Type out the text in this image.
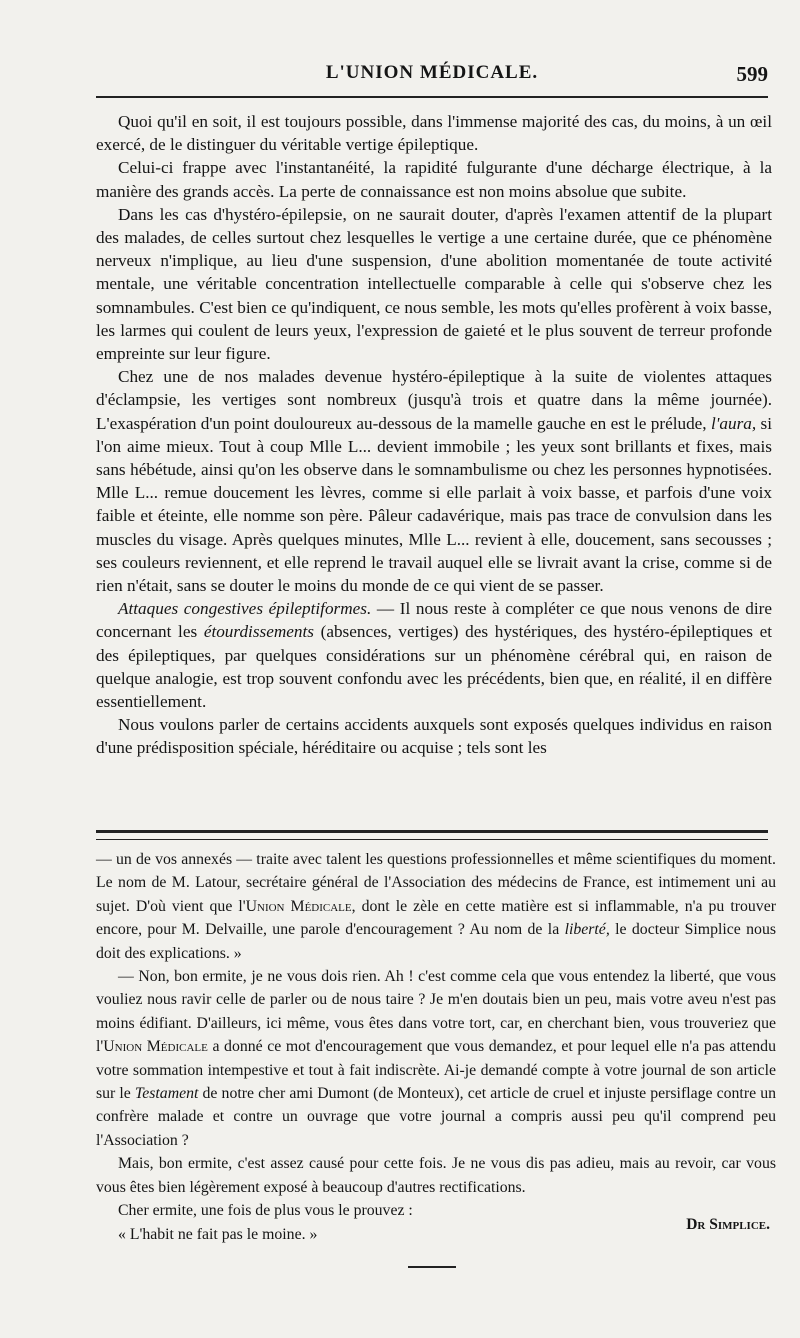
L'UNION MÉDICALE.	599

Quoi qu'il en soit, il est toujours possible, dans l'immense majorité des cas, du moins, à un œil exercé, de le distinguer du véritable vertige épileptique.

Celui-ci frappe avec l'instantanéité, la rapidité fulgurante d'une décharge électrique, à la manière des grands accès. La perte de connaissance est non moins absolue que subite.

Dans les cas d'hystéro-épilepsie, on ne saurait douter, d'après l'examen attentif de la plupart des malades, de celles surtout chez lesquelles le vertige a une certaine durée, que ce phénomène nerveux n'implique, au lieu d'une suspension, d'une abolition momentanée de toute activité mentale, une véritable concentration intellectuelle comparable à celle qui s'observe chez les somnambules. C'est bien ce qu'indiquent, ce nous semble, les mots qu'elles profèrent à voix basse, les larmes qui coulent de leurs yeux, l'expression de gaieté et le plus souvent de terreur profonde empreinte sur leur figure.

Chez une de nos malades devenue hystéro-épileptique à la suite de violentes attaques d'éclampsie, les vertiges sont nombreux (jusqu'à trois et quatre dans la même journée). L'exaspération d'un point douloureux au-dessous de la mamelle gauche en est le prélude, l'aura, si l'on aime mieux. Tout à coup Mlle L... devient immobile ; les yeux sont brillants et fixes, mais sans hébétude, ainsi qu'on les observe dans le somnambulisme ou chez les personnes hypnotisées. Mlle L... remue doucement les lèvres, comme si elle parlait à voix basse, et parfois d'une voix faible et éteinte, elle nomme son père. Pâleur cadavérique, mais pas trace de convulsion dans les muscles du visage. Après quelques minutes, Mlle L... revient à elle, doucement, sans secousses ; ses couleurs reviennent, et elle reprend le travail auquel elle se livrait avant la crise, comme si de rien n'était, sans se douter le moins du monde de ce qui vient de se passer.

Attaques congestives épileptiformes. — Il nous reste à compléter ce que nous venons de dire concernant les étourdissements (absences, vertiges) des hystériques, des hystéro-épileptiques et des épileptiques, par quelques considérations sur un phénomène cérébral qui, en raison de quelque analogie, est trop souvent confondu avec les précédents, bien que, en réalité, il en diffère essentiellement.

Nous voulons parler de certains accidents auxquels sont exposés quelques individus en raison d'une prédisposition spéciale, héréditaire ou acquise ; tels sont les

— un de vos annexés — traite avec talent les questions professionnelles et même scientifiques du moment. Le nom de M. Latour, secrétaire général de l'Association des médecins de France, est intimement uni au sujet. D'où vient que l'Union Médicale, dont le zèle en cette matière est si inflammable, n'a pu trouver encore, pour M. Delvaille, une parole d'encouragement ? Au nom de la liberté, le docteur Simplice nous doit des explications. »

— Non, bon ermite, je ne vous dois rien. Ah ! c'est comme cela que vous entendez la liberté, que vous vouliez nous ravir celle de parler ou de nous taire ? Je m'en doutais bien un peu, mais votre aveu n'est pas moins édifiant. D'ailleurs, ici même, vous êtes dans votre tort, car, en cherchant bien, vous trouveriez que l'Union Médicale a donné ce mot d'encouragement que vous demandez, et pour lequel elle n'a pas attendu votre sommation intempestive et tout à fait indiscrète. Ai-je demandé compte à votre journal de son article sur le Testament de notre cher ami Dumont (de Monteux), cet article de cruel et injuste persiflage contre un confrère malade et contre un ouvrage que votre journal a compris aussi peu qu'il comprend peu l'Association ?

Mais, bon ermite, c'est assez causé pour cette fois. Je ne vous dis pas adieu, mais au revoir, car vous vous êtes bien légèrement exposé à beaucoup d'autres rectifications.

Cher ermite, une fois de plus vous le prouvez :

« L'habit ne fait pas le moine. »

Dr Simplice.
